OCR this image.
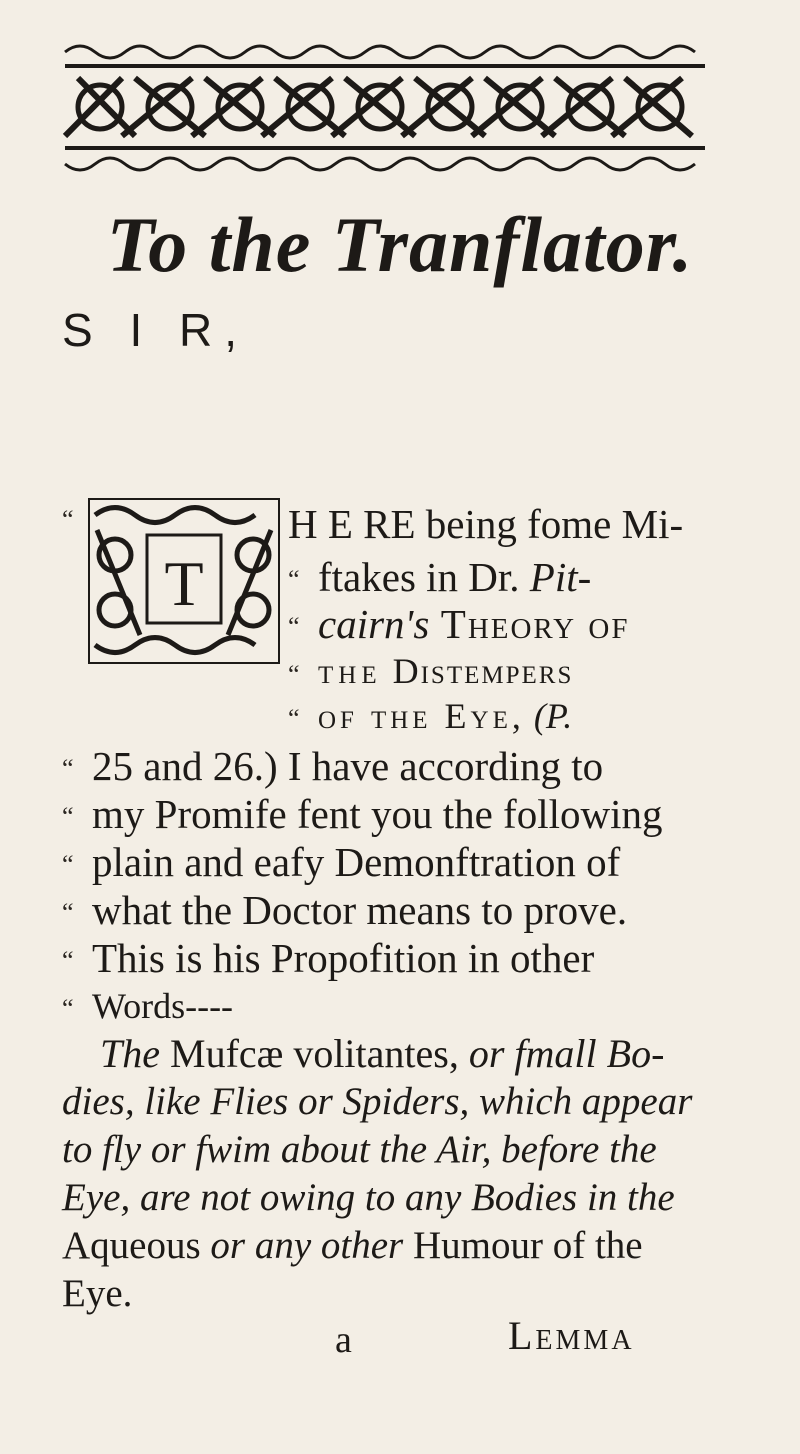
To the Tranflator.
S I R,
T
“	H E RE being fome Mi-
“ ftakes in Dr. Pit-
“ cairn's Theory of
“ the Distempers
“ of the Eye, (P.
“ 25 and 26.) I have according to
“ my Promife fent you the following
“ plain and eafy Demonftration of
“ what the Doctor means to prove.
“ This is his Propofition in other
“ Words----
The Mufcæ volitantes, or fmall Bo-
dies, like Flies or Spiders, which appear
to fly or fwim about the Air, before the
Eye, are not owing to any Bodies in the
Aqueous or any other Humour of the
Eye.
a	Lemma
